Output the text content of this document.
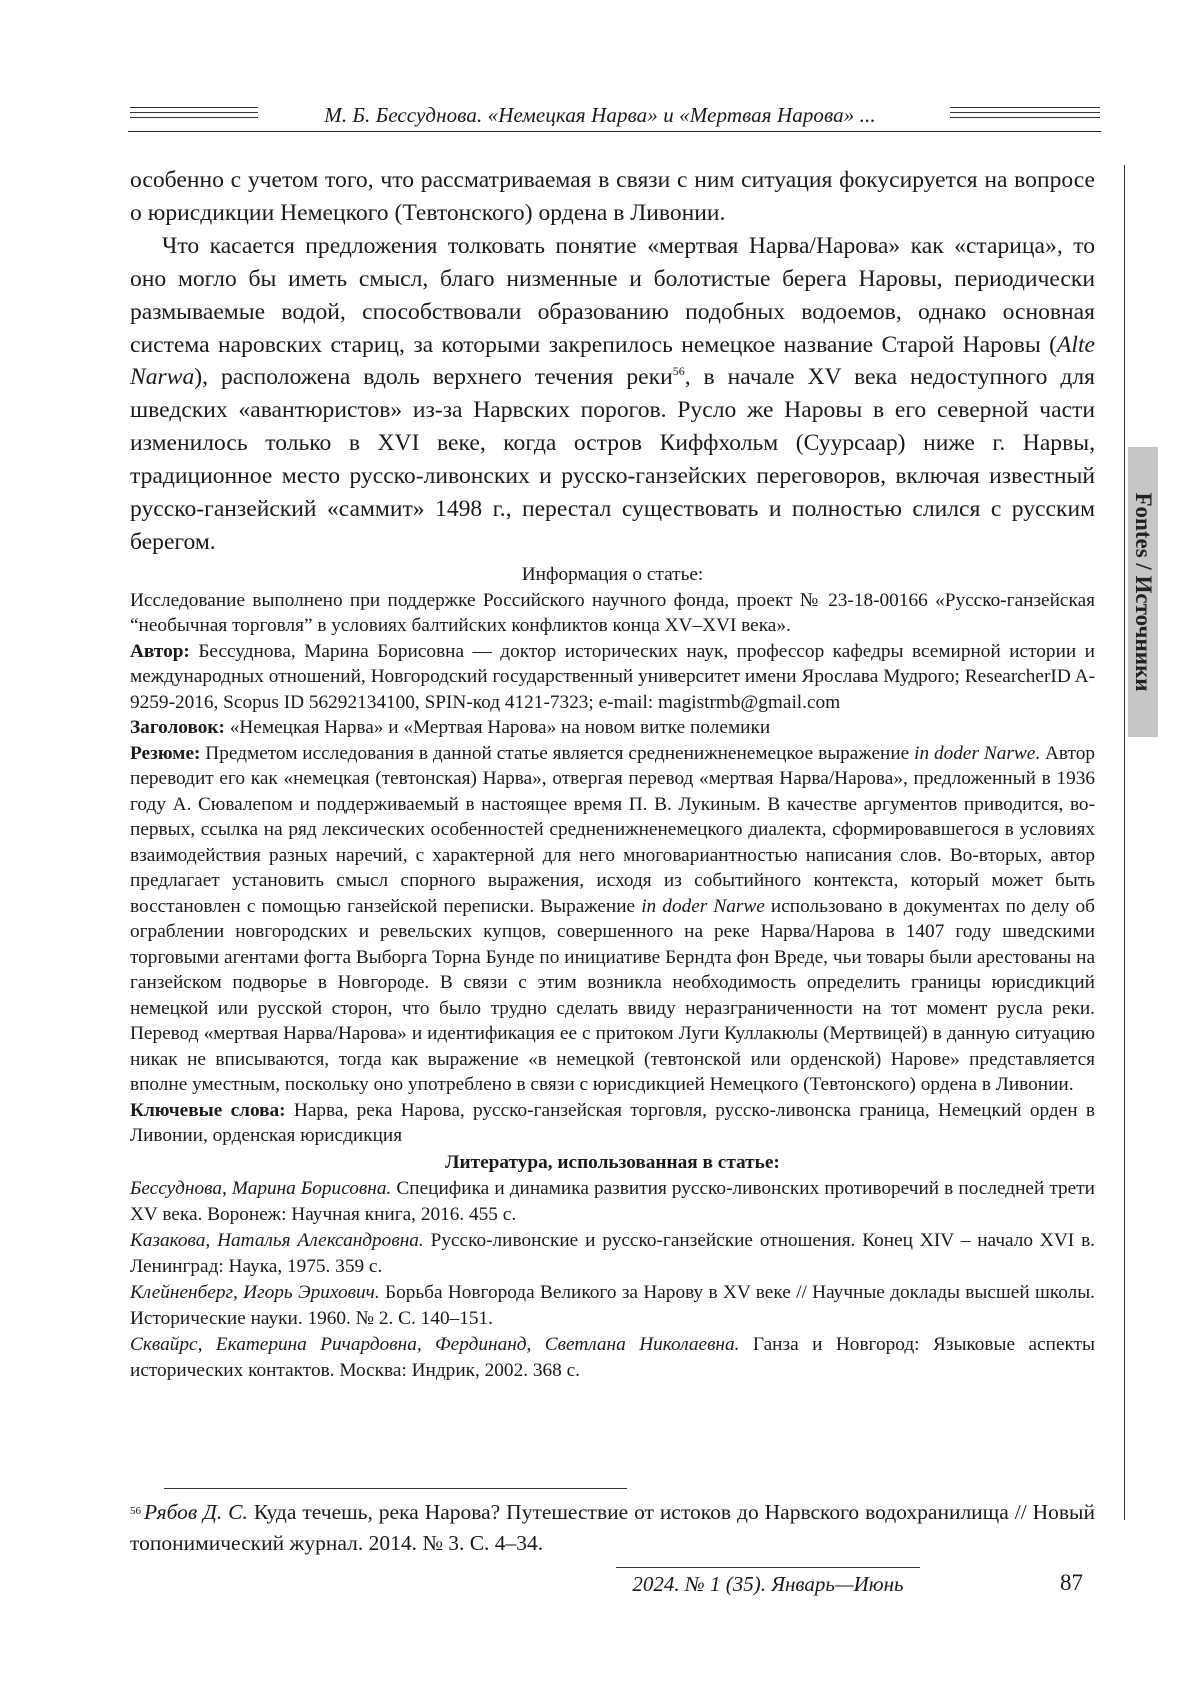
М. Б. Бессуднова. «Немецкая Нарва» и «Мертвая Нарова» ...
Fontes / Источники

особенно с учетом того, что рассматриваемая в связи с ним ситуация фокусируется на вопросе о юрисдикции Немецкого (Тевтонского) ордена в Ливонии.

Что касается предложения толковать понятие «мертвая Нарва/Нарова» как «старица», то оно могло бы иметь смысл, благо низменные и болотистые берега Наровы, периодически размываемые водой, способствовали образованию подобных водоемов, однако основная система наровских стариц, за которыми закрепилось немецкое название Старой Наровы (Alte Narwa), расположена вдоль верхнего течения реки$^{56}$, в начале XV века недоступного для шведских «авантюристов» из-за Нарвских порогов. Русло же Наровы в его северной части изменилось только в XVI веке, когда остров Киффхольм (Суурсаар) ниже г. Нарвы, традиционное место русско-ливонских и русско-ганзейских переговоров, включая известный русско-ганзейский «саммит» 1498 г., перестал существовать и полностью слился с русским берегом.

Информация о статье:

Исследование выполнено при поддержке Российского научного фонда, проект № 23-18-00166 «Русско-ганзейская “необычная торговля” в условиях балтийских конфликтов конца XV–XVI века».

Автор: Бессуднова, Марина Борисовна — доктор исторических наук, профессор кафедры всемирной истории и международных отношений, Новгородский государственный университет имени Ярослава Мудрого; ResearcherID A-9259-2016, Scopus ID 56292134100, SPIN-код 4121-7323; e-mail: magistrmb@gmail.com

Заголовок: «Немецкая Нарва» и «Мертвая Нарова» на новом витке полемики

Резюме: Предметом исследования в данной статье является средненижненемецкое выражение in doder Narwe. Автор переводит его как «немецкая (тевтонская) Нарва», отвергая перевод «мертвая Нарва/Нарова», предложенный в 1936 году А. Сювалепом и поддерживаемый в настоящее время П. В. Лукиным. В качестве аргументов приводится, во-первых, ссылка на ряд лексических особенностей средненижненемецкого диалекта, сформировавшегося в условиях взаимодействия разных наречий, с характерной для него многовариантностью написания слов. Во-вторых, автор предлагает установить смысл спорного выражения, исходя из событийного контекста, который может быть восстановлен с помощью ганзейской переписки. Выражение in doder Narwe использовано в документах по делу об ограблении новгородских и ревельских купцов, совершенного на реке Нарва/Нарова в 1407 году шведскими торговыми агентами фогта Выборга Торна Бунде по инициативе Берндта фон Вреде, чьи товары были арестованы на ганзейском подворье в Новгороде. В связи с этим возникла необходимость определить границы юрисдикций немецкой или русской сторон, что было трудно сделать ввиду неразграниченности на тот момент русла реки. Перевод «мертвая Нарва/Нарова» и идентификация ее с притоком Луги Куллакюлы (Мертвицей) в данную ситуацию никак не вписываются, тогда как выражение «в немецкой (тевтонской или орденской) Нарове» представляется вполне уместным, поскольку оно употреблено в связи с юрисдикцией Немецкого (Тевтонского) ордена в Ливонии.

Ключевые слова: Нарва, река Нарова, русско-ганзейская торговля, русско-ливонска граница, Немецкий орден в Ливонии, орденская юрисдикция

Литература, использованная в статье:

Бессуднова, Марина Борисовна. Специфика и динамика развития русско-ливонских противоречий в последней трети XV века. Воронеж: Научная книга, 2016. 455 с.

Казакова, Наталья Александровна. Русско-ливонские и русско-ганзейские отношения. Конец XIV – начало XVI в. Ленинград: Наука, 1975. 359 с.

Клейненберг, Игорь Эрихович. Борьба Новгорода Великого за Нарову в XV веке // Научные доклады высшей школы. Исторические науки. 1960. № 2. С. 140–151.

Сквайрс, Екатерина Ричардовна, Фердинанд, Светлана Николаевна. Ганза и Новгород: Языковые аспекты исторических контактов. Москва: Индрик, 2002. 368 с.

$^{56}$ Рябов Д. С. Куда течешь, река Нарова? Путешествие от истоков до Нарвского водохранилища // Новый топонимический журнал. 2014. № 3. С. 4–34.
2024. № 1 (35). Январь—Июнь	87
